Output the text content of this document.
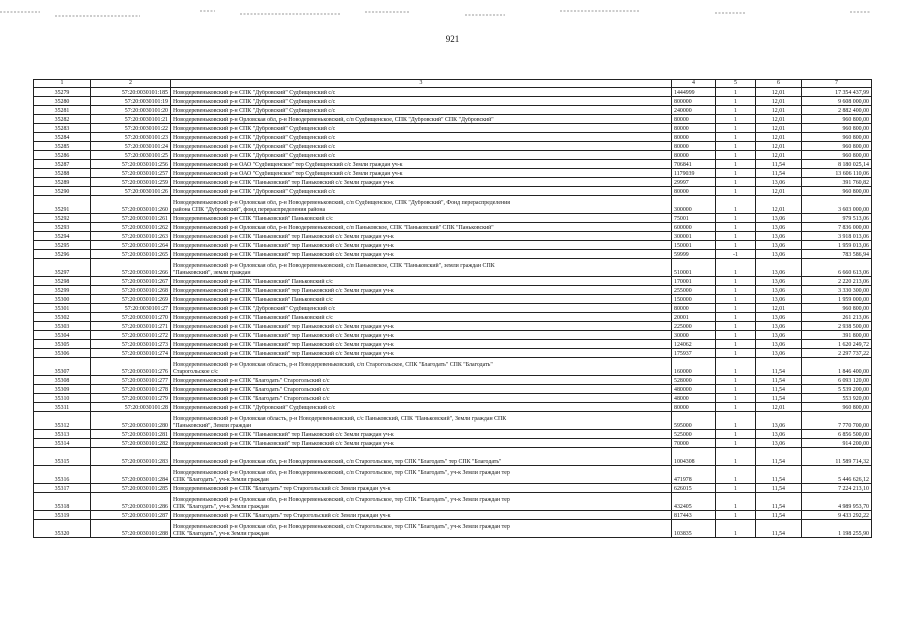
921
1	2	3	4	5	6	7
35279	57:20:0030101:185	Новодеревеньковский р-н СПК "Дубровский" Судбищенский с/с	1444999	1	12,01	17 354 437,99
35280	57:20:0030101:19	Новодеревеньковский р-н СПК "Дубровский" Судбищенский с/с	800000	1	12,01	9 608 000,00
35281	57:20:0030101:20	Новодеревеньковский р-н СПК "Дубровский" Судбищенский с/с	240000	1	12,01	2 882 400,00
35282	57:20:0030101:21	Новодеревеньковский р-н Орловская обл, р-н Новодеревеньковский, с/п Судбищенское, СПК "Дубровский" СПК "Дубровский"	80000	1	12,01	960 800,00
35283	57:20:0030101:22	Новодеревеньковский р-н СПК "Дубровский" Судбищенский с/с	80000	1	12,01	960 800,00
35284	57:20:0030101:23	Новодеревеньковский р-н СПК "Дубровский" Судбищенский с/с	80000	1	12,01	960 800,00
35285	57:20:0030101:24	Новодеревеньковский р-н СПК "Дубровский" Судбищенский с/с	80000	1	12,01	960 800,00
35286	57:20:0030101:25	Новодеревеньковский р-н СПК "Дубровский" Судбищенский с/с	80000	1	12,01	960 800,00
35287	57:20:0030101:256	Новодеревеньковский р-н ОАО "Судбищенское" тер Судбищенский с/с Земли граждан уч-к	706841	1	11,54	8 180 025,14
35288	57:20:0030101:257	Новодеревеньковский р-н ОАО "Судбищенское" тер Судбищенский с/с Земли граждан уч-к	1179039	1	11,54	13 606 110,06
35289	57:20:0030101:259	Новодеревеньковский р-н СПК "Паньковский" тер Паньковский с/с Земли граждан уч-к	29997	1	13,06	391 760,82
35290	57:20:0030101:26	Новодеревеньковский р-н СПК "Дубровский" Судбищенский с/с	80000	1	12,01	960 800,00
35291	57:20:0030101:260	Новодеревеньковский р-н Орловская обл, р-н Новодеревеньковский, с/п Судбищенское, СПК "Дубровский", Фонд перераспределения
района СПК "Дубровский", фонд перераспределения района	300000	1	12,01	3 603 000,00
35292	57:20:0030101:261	Новодеревеньковский р-н СПК "Паньковский" Паньковский с/с	75001	1	13,06	979 513,06
35293	57:20:0030101:262	Новодеревеньковский р-н Орловская обл, р-н Новодеревеньковский, с/п Паньковское, СПК "Паньковский" СПК "Паньковский"	600000	1	13,06	7 836 000,00
35294	57:20:0030101:263	Новодеревеньковский р-н СПК "Паньковский" тер Паньковский с/с Земли граждан уч-к	300001	1	13,06	3 918 013,06
35295	57:20:0030101:264	Новодеревеньковский р-н СПК "Паньковский" тер Паньковский с/с Земли граждан уч-к	150001	1	13,06	1 959 013,06
35296	57:20:0030101:265	Новодеревеньковский р-н СПК "Паньковский" тер Паньковский с/с Земли граждан уч-к	59999	-1	13,06	783 586,94
35297	57:20:0030101:266	Новодеревеньковский р-н Орловская обл, р-н Новодеревеньковский, с/п Паньковское, СПК "Паньковский", земли граждан СПК
"Паньковский", земли граждан	510001	1	13,06	6 660 613,06
35298	57:20:0030101:267	Новодеревеньковский р-н СПК "Паньковский" Паньковский с/с	170001	1	13,06	2 220 213,06
35299	57:20:0030101:268	Новодеревеньковский р-н СПК "Паньковский" тер Паньковский с/с Земли граждан уч-к	255000	1	13,06	3 330 300,00
35300	57:20:0030101:269	Новодеревеньковский р-н СПК "Паньковский" Паньковский с/с	150000	1	13,06	1 959 000,00
35301	57:20:0030101:27	Новодеревеньковский р-н СПК "Дубровский" Судбищенский с/с	80000	1	12,01	960 800,00
35302	57:20:0030101:270	Новодеревеньковский р-н СПК "Паньковский" Паньковский с/с	20001	1	13,06	261 213,06
35303	57:20:0030101:271	Новодеревеньковский р-н СПК "Паньковский" тер Паньковский с/с Земли граждан уч-к	225000	1	13,06	2 938 500,00
35304	57:20:0030101:272	Новодеревеньковский р-н СПК "Паньковский" тер Паньковский с/с Земли граждан уч-к	30000	1	13,06	391 800,00
35305	57:20:0030101:273	Новодеревеньковский р-н СПК "Паньковский" тер Паньковский с/с Земли граждан уч-к	124062	1	13,06	1 620 249,72
35306	57:20:0030101:274	Новодеревеньковский р-н СПК "Паньковский" тер Паньковский с/с Земли граждан уч-к	175937	1	13,06	2 297 737,22
35307	57:20:0030101:276	Новодеревеньковский р-н Орловская область, р-н Новодеревеньковский, с/п Старогольское, СПК "Благодать" СПК "Благодать"
Старогольское с/с	160000	1	11,54	1 846 400,00
35308	57:20:0030101:277	Новодеревеньковский р-н СПК "Благодать" Старогольский с/с	528000	1	11,54	6 093 120,00
35309	57:20:0030101:278	Новодеревеньковский р-н СПК "Благодать" Старогольский с/с	480000	1	11,54	5 539 200,00
35310	57:20:0030101:279	Новодеревеньковский р-н СПК "Благодать" Старогольский с/с	48000	1	11,54	553 920,00
35311	57:20:0030101:28	Новодеревеньковский р-н СПК "Дубровский" Судбищенский с/с	80000	1	12,01	960 800,00
35312	57:20:0030101:280	Новодеревеньковский р-н Орловская область, р-н Новодеревеньковский, с/с Паньковский, СПК "Паньковский", Земли граждан СПК
"Паньковский", Земли граждан	595000	1	13,06	7 770 700,00
35313	57:20:0030101:281	Новодеревеньковский р-н СПК "Паньковский" тер Паньковский с/с Земли граждан уч-к	525000	1	13,06	6 856 500,00
35314	57:20:0030101:282	Новодеревеньковский р-н СПК "Паньковский" тер Паньковский с/с Земли граждан уч-к	70000	1	13,06	914 200,00
35315	57:20:0030101:283	Новодеревеньковский р-н Орловская обл, р-н Новодеревеньковский, с/п Старогольское, тер СПК "Благодать" тер СПК "Благодать"	1004308	1	11,54	11 589 714,32
35316	57:20:0030101:284	Новодеревеньковский р-н Орловская обл, р-н Новодеревеньковский, с/п Старогольское, тер СПК "Благодать", уч-к Земли граждан тер
СПК "Благодать", уч-к Земли граждан	471978	1	11,54	5 446 626,12
35317	57:20:0030101:285	Новодеревеньковский р-н СПК "Благодать" тер Старогольский с/с Земли граждан уч-к	626015	1	11,54	7 224 213,10
35318	57:20:0030101:286	Новодеревеньковский р-н Орловская обл, р-н Новодеревеньковский, с/п Старогольское, тер СПК "Благодать", уч-к Земли граждан тер
СПК "Благодать", уч-к Земли граждан	432405	1	11,54	4 989 953,70
35319	57:20:0030101:287	Новодеревеньковский р-н СПК "Благодать" тер Старогольский с/с Земли граждан уч-к	817443	1	11,54	9 433 292,22
35320	57:20:0030101:288	Новодеревеньковский р-н Орловская обл, р-н Новодеревеньковский, с/п Старогольское, тер СПК "Благодать", уч-к Земли граждан тер
СПК "Благодать", уч-к Земли граждан	103835	1	11,54	1 198 255,90
